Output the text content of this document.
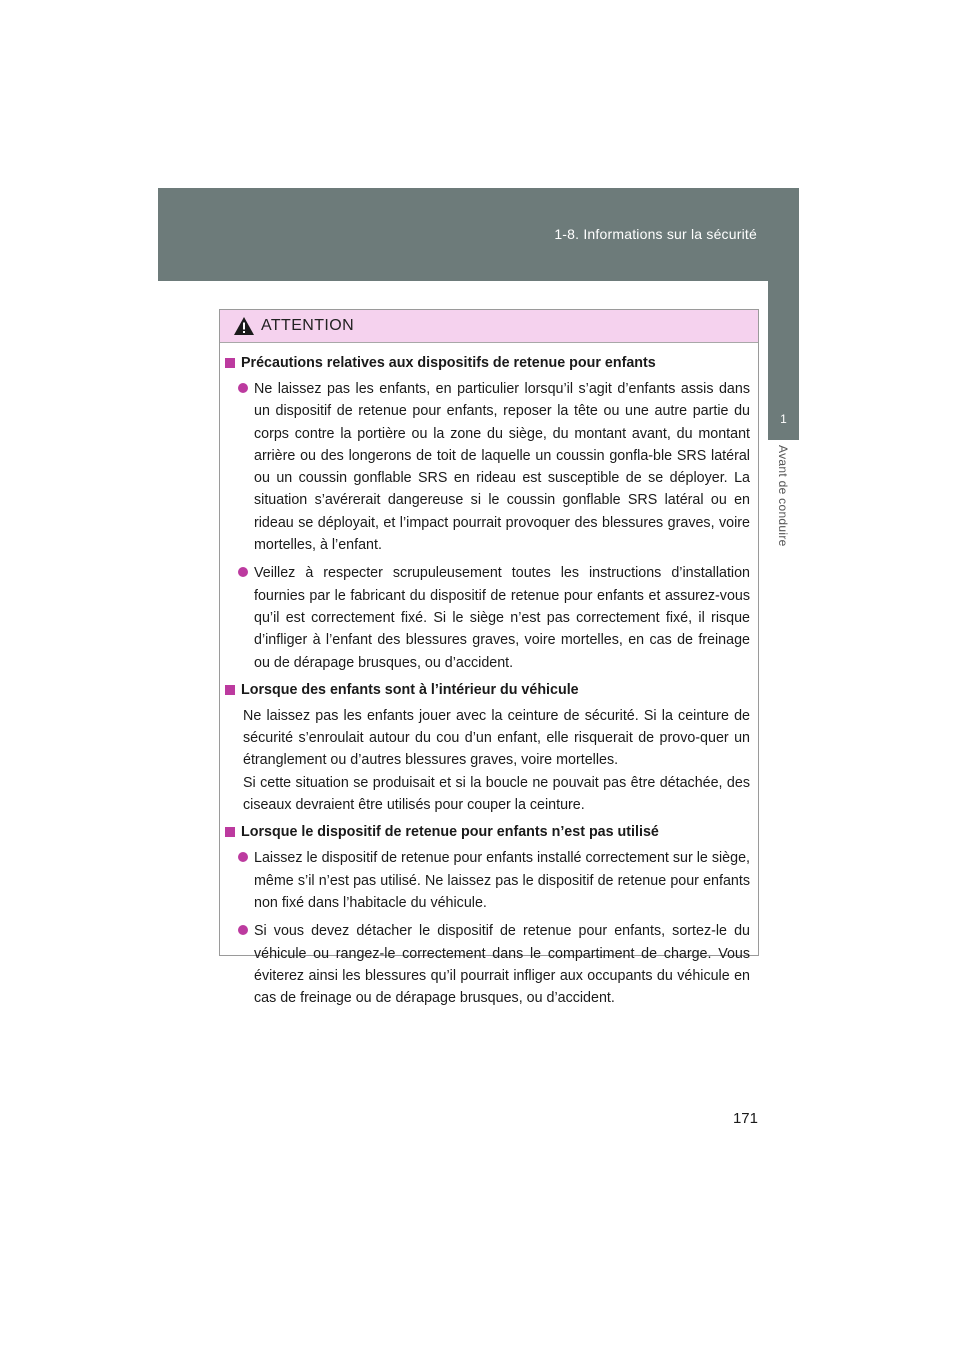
1-8. Informations sur la sécurité
1
Avant de conduire
ATTENTION
Précautions relatives aux dispositifs de retenue pour enfants
Ne laissez pas les enfants, en particulier lorsqu’il s’agit d’enfants assis dans un dispositif de retenue pour enfants, reposer la tête ou une autre partie du corps contre la portière ou la zone du siège, du montant avant, du montant arrière ou des longerons de toit de laquelle un coussin gonfla-ble SRS latéral ou un coussin gonflable SRS en rideau est susceptible de se déployer. La situation s’avérerait dangereuse si le coussin gonflable SRS latéral ou en rideau se déployait, et l’impact pourrait provoquer des blessures graves, voire mortelles, à l’enfant.
Veillez à respecter scrupuleusement toutes les instructions d’installation fournies par le fabricant du dispositif de retenue pour enfants et assurez-vous qu’il est correctement fixé. Si le siège n’est pas correctement fixé, il risque d’infliger à l’enfant des blessures graves, voire mortelles, en cas de freinage ou de dérapage brusques, ou d’accident.
Lorsque des enfants sont à l’intérieur du véhicule
Ne laissez pas les enfants jouer avec la ceinture de sécurité. Si la ceinture de sécurité s’enroulait autour du cou d’un enfant, elle risquerait de provo-quer un étranglement ou d’autres blessures graves, voire mortelles.
Si cette situation se produisait et si la boucle ne pouvait pas être détachée, des ciseaux devraient être utilisés pour couper la ceinture.
Lorsque le dispositif de retenue pour enfants n’est pas utilisé
Laissez le dispositif de retenue pour enfants installé correctement sur le siège, même s’il n’est pas utilisé. Ne laissez pas le dispositif de retenue pour enfants non fixé dans l’habitacle du véhicule.
Si vous devez détacher le dispositif de retenue pour enfants, sortez-le du véhicule ou rangez-le correctement dans le compartiment de charge. Vous éviterez ainsi les blessures qu’il pourrait infliger aux occupants du véhicule en cas de freinage ou de dérapage brusques, ou d’accident.
171
